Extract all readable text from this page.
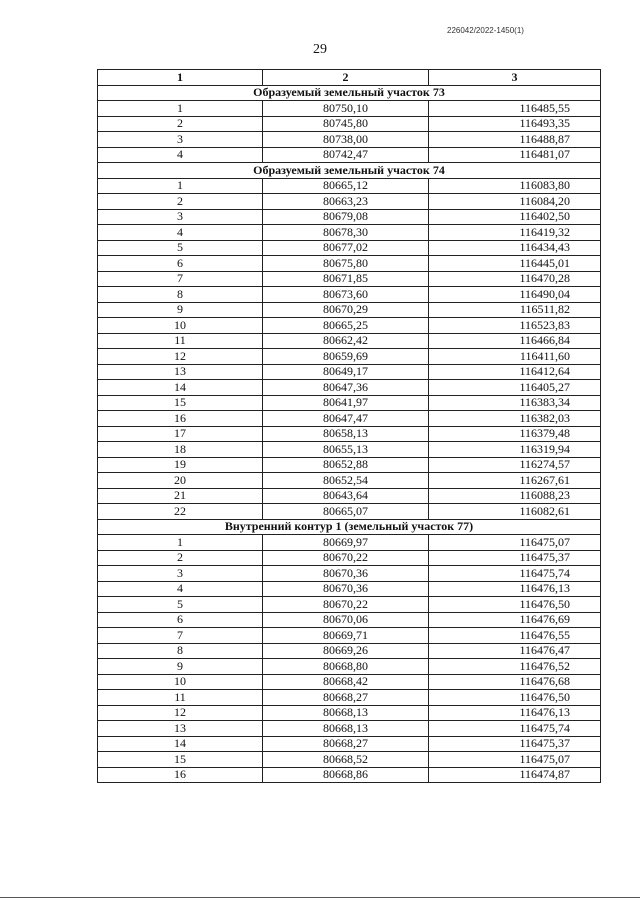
226042/2022-1450(1)
29
1	2	3
Образуемый земельный участок 73		
1	80750,10	116485,55
2	80745,80	116493,35
3	80738,00	116488,87
4	80742,47	116481,07
Образуемый земельный участок 74		
1	80665,12	116083,80
2	80663,23	116084,20
3	80679,08	116402,50
4	80678,30	116419,32
5	80677,02	116434,43
6	80675,80	116445,01
7	80671,85	116470,28
8	80673,60	116490,04
9	80670,29	116511,82
10	80665,25	116523,83
11	80662,42	116466,84
12	80659,69	116411,60
13	80649,17	116412,64
14	80647,36	116405,27
15	80641,97	116383,34
16	80647,47	116382,03
17	80658,13	116379,48
18	80655,13	116319,94
19	80652,88	116274,57
20	80652,54	116267,61
21	80643,64	116088,23
22	80665,07	116082,61
Внутренний контур 1 (земельный участок 77)		
1	80669,97	116475,07
2	80670,22	116475,37
3	80670,36	116475,74
4	80670,36	116476,13
5	80670,22	116476,50
6	80670,06	116476,69
7	80669,71	116476,55
8	80669,26	116476,47
9	80668,80	116476,52
10	80668,42	116476,68
11	80668,27	116476,50
12	80668,13	116476,13
13	80668,13	116475,74
14	80668,27	116475,37
15	80668,52	116475,07
16	80668,86	116474,87
